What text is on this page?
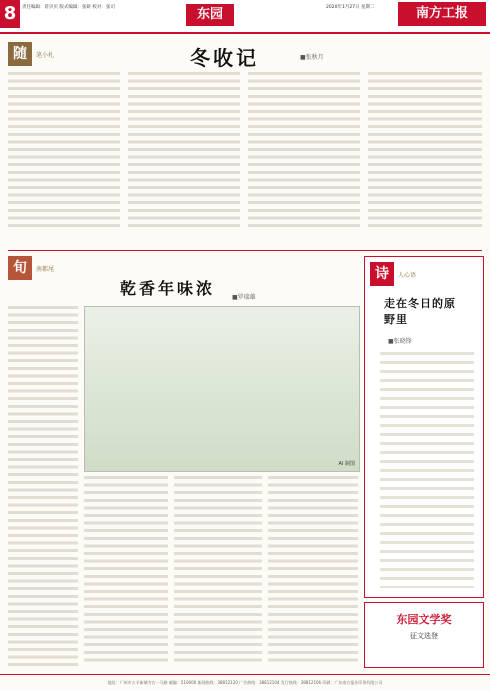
8	责任编辑：蒋贝贝 版式编辑：张研 校对：张司	东园	2020年1月27日 星期二	南方工报
随	笔小札	冬收记	■张秋月
旬	南都尾
乾香年味浓	■罗瑞雄
AI 制图
诗	人心语
走在冬日的原野里
■张晓锋
东园文学奖
征文选登
地址：广州市五羊新城寺右一马路 邮编：510600 新闻热线：38812120 广告热线：38812104 发行热线：38812106 印刷：广东南方报业印务有限公司
